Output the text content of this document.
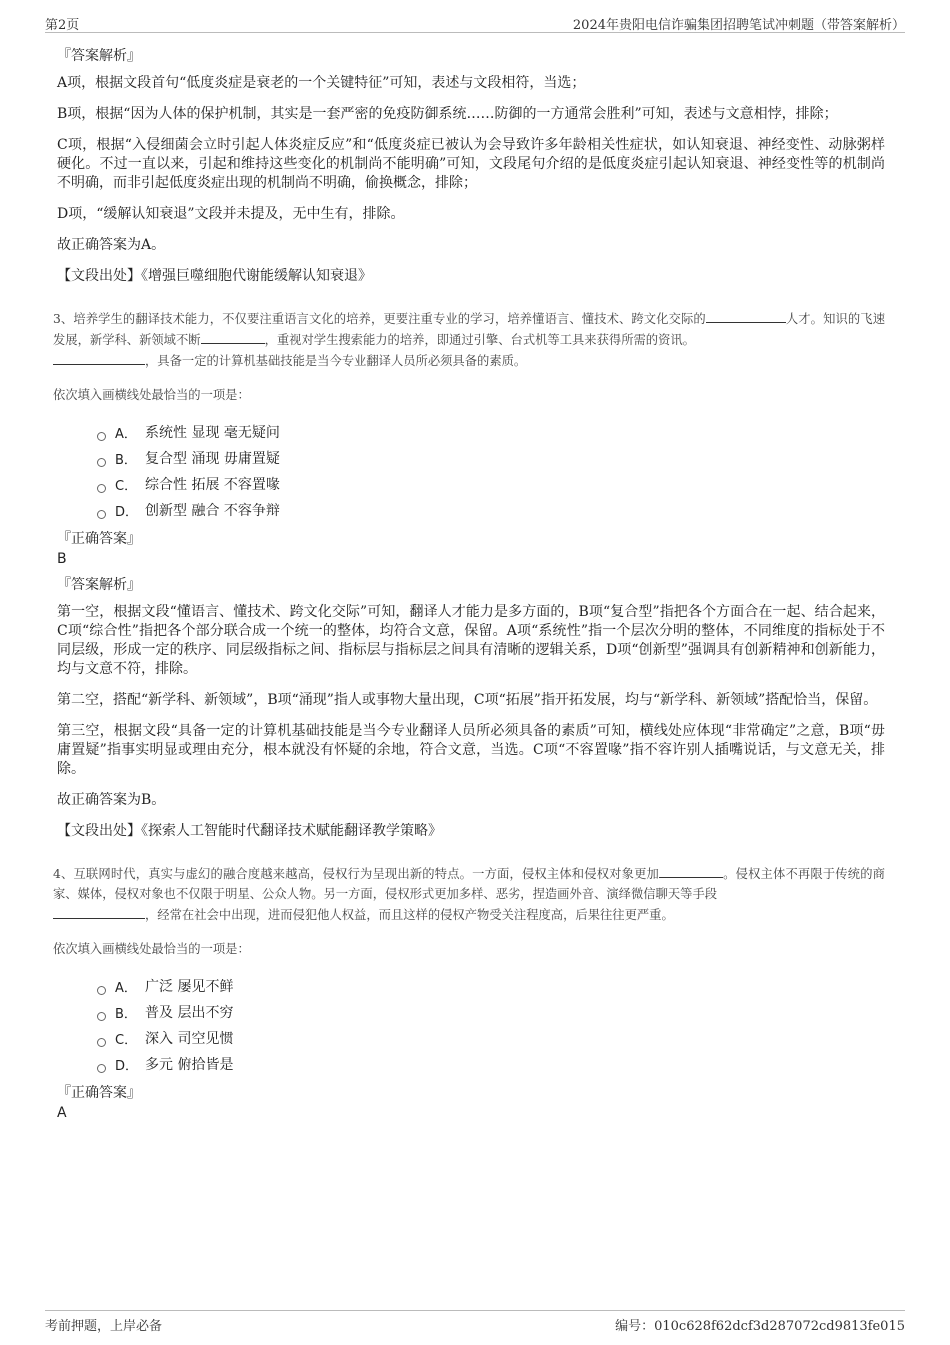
第2页	2024年贵阳电信诈骗集团招聘笔试冲刺题（带答案解析）
『答案解析』

A项，根据文段首句“低度炎症是衰老的一个关键特征”可知，表述与文段相符，当选；

B项，根据“因为人体的保护机制，其实是一套严密的免疫防御系统……防御的一方通常会胜利”可知，表述与文意相悖，排除；

C项，根据“入侵细菌会立时引起人体炎症反应”和“低度炎症已被认为会导致许多年龄相关性症状，如认知衰退、神经变性、动脉粥样硬化。不过一直以来，引起和维持这些变化的机制尚不能明确”可知，文段尾句介绍的是低度炎症引起认知衰退、神经变性等的机制尚不明确，而非引起低度炎症出现的机制尚不明确，偷换概念，排除；

D项，“缓解认知衰退”文段并未提及，无中生有，排除。

故正确答案为A。

【文段出处】《增强巨噬细胞代谢能缓解认知衰退》

3、培养学生的翻译技术能力，不仅要注重语言文化的培养，更要注重专业的学习，培养懂语言、懂技术、跨文化交际的	人才。知识的飞速发展，新学科、新领域不断	，重视对学生搜索能力的培养，即通过引擎、台式机等工具来获得所需的资讯。
，具备一定的计算机基础技能是当今专业翻译人员所必须具备的素质。
依次填入画横线处最恰当的一项是：
A． 系统性 显现 毫无疑问
B． 复合型 涌现 毋庸置疑
C． 综合性 拓展 不容置喙
D． 创新型 融合 不容争辩
『正确答案』
B
『答案解析』

第一空，根据文段“懂语言、懂技术、跨文化交际”可知，翻译人才能力是多方面的，B项“复合型”指把各个方面合在一起、结合起来，C项“综合性”指把各个部分联合成一个统一的整体，均符合文意，保留。A项“系统性”指一个层次分明的整体，不同维度的指标处于不同层级，形成一定的秩序、同层级指标之间、指标层与指标层之间具有清晰的逻辑关系，D项“创新型”强调具有创新精神和创新能力，均与文意不符，排除。

第二空，搭配“新学科、新领域”，B项“涌现”指人或事物大量出现，C项“拓展”指开拓发展，均与“新学科、新领域”搭配恰当，保留。

第三空，根据文段“具备一定的计算机基础技能是当今专业翻译人员所必须具备的素质”可知，横线处应体现“非常确定”之意，B项“毋庸置疑”指事实明显或理由充分，根本就没有怀疑的余地，符合文意，当选。C项“不容置喙”指不容许别人插嘴说话，与文意无关，排除。

故正确答案为B。

【文段出处】《探索人工智能时代翻译技术赋能翻译教学策略》

4、互联网时代，真实与虚幻的融合度越来越高，侵权行为呈现出新的特点。一方面，侵权主体和侵权对象更加	。侵权主体不再限于传统的商家、媒体，侵权对象也不仅限于明星、公众人物。另一方面，侵权形式更加多样、恶劣，捏造画外音、演绎微信聊天等手段
，经常在社会中出现，进而侵犯他人权益，而且这样的侵权产物受关注程度高，后果往往更严重。
依次填入画横线处最恰当的一项是：
A． 广泛 屡见不鲜
B． 普及 层出不穷
C． 深入 司空见惯
D． 多元 俯拾皆是
『正确答案』
A
考前押题，上岸必备	编号：010c628f62dcf3d287072cd9813fe015
